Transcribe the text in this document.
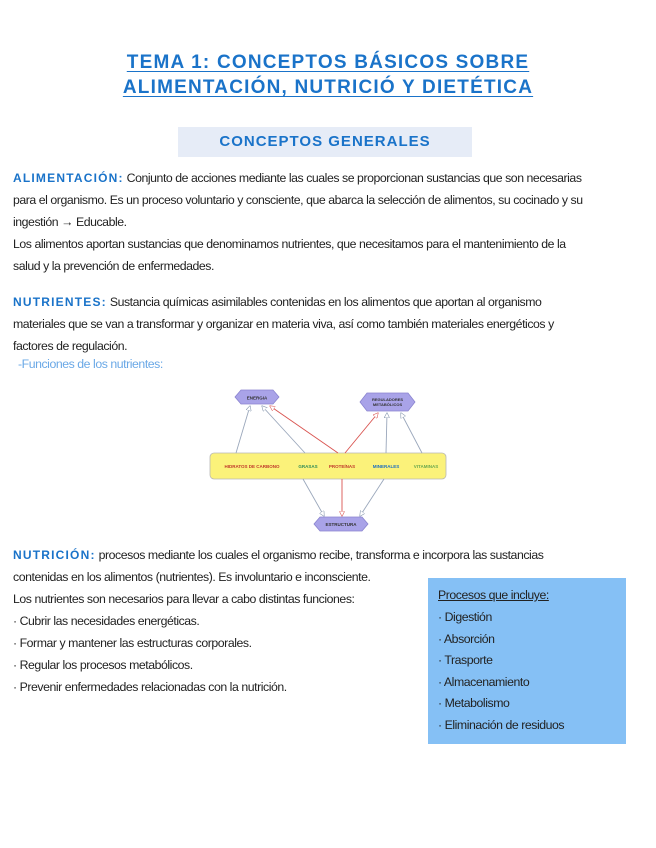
TEMA 1: CONCEPTOS BÁSICOS SOBRE
ALIMENTACIÓN, NUTRICIÓ Y DIETÉTICA
CONCEPTOS GENERALES
ALIMENTACIÓN: Conjunto de acciones mediante las cuales se proporcionan sustancias que son necesarias
para el organismo. Es un proceso voluntario y consciente, que abarca la selección de alimentos, su cocinado y su
ingestión → Educable.
Los alimentos aportan sustancias que denominamos nutrientes, que necesitamos para el mantenimiento de la
salud y la prevención de enfermedades.
NUTRIENTES: Sustancia químicas asimilables contenidas en los alimentos que aportan al organismo
materiales que se van a transformar y organizar en materia viva, así como también materiales energéticos y
factores de regulación.
-Funciones de los nutrientes:
ENERGIA	REGULADORES
METABÓLICOS
HIDRATOS DE CARBONO	GRASAS PROTEÍNAS	MINERALES	VITAMINAS
ESTRUCTURA
NUTRICIÓN: procesos mediante los cuales el organismo recibe, transforma e incorpora las sustancias
contenidas en los alimentos (nutrientes). Es involuntario e inconsciente.
Los nutrientes son necesarios para llevar a cabo distintas funciones:
· Cubrir las necesidades energéticas.
· Formar y mantener las estructuras corporales.
· Regular los procesos metabólicos.
· Prevenir enfermedades relacionadas con la nutrición.
Procesos que incluye:
· Digestión
· Absorción
· Trasporte
· Almacenamiento
· Metabolismo
· Eliminación de residuos
